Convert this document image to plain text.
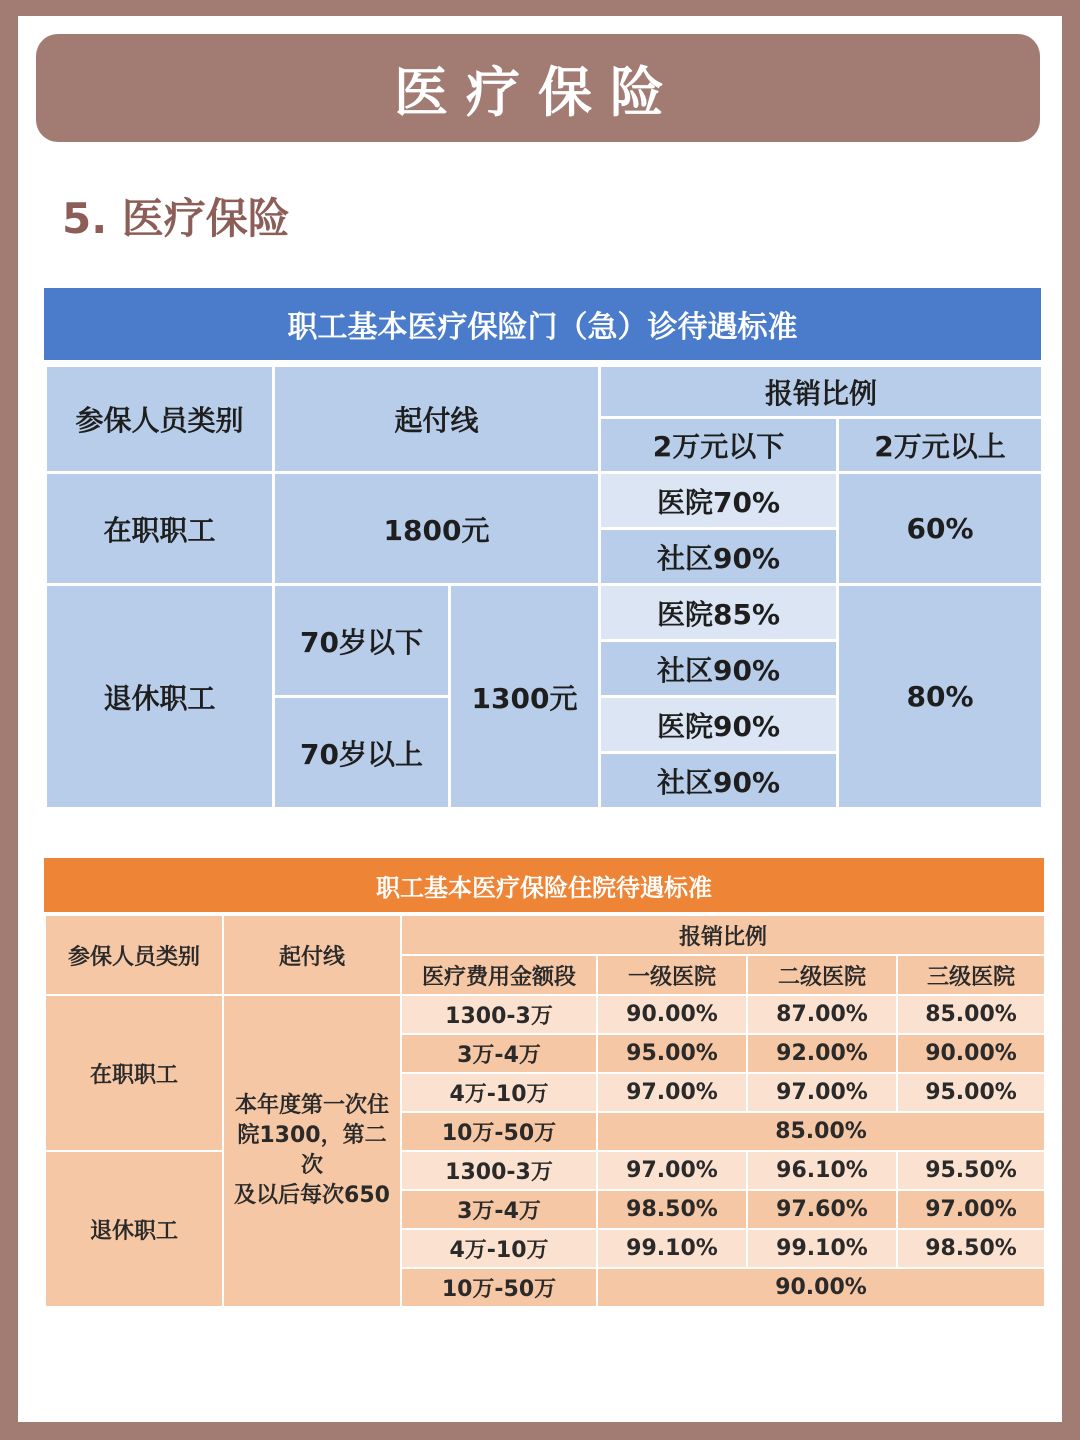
医疗保险
5. 医疗保险
职工基本医疗保险门（急）诊待遇标准
参保人员类别	起付线		报销比例	
			2万元以下	2万元以上
在职职工	1800元		医院70%	60%
			社区90%	
退休职工	70岁以下	1300元	医院85%	80%
			社区90%	
	70岁以上		医院90%	
			社区90%	
职工基本医疗保险住院待遇标准
参保人员类别	起付线	报销比例			
		医疗费用金额段	一级医院	二级医院	三级医院
在职职工	本年度第一次住
院1300，第二次
及以后每次650	1300-3万	90.00%	87.00%	85.00%
		3万-4万	95.00%	92.00%	90.00%
		4万-10万	97.00%	97.00%	95.00%
		10万-50万	85.00%		
退休职工		1300-3万	97.00%	96.10%	95.50%
		3万-4万	98.50%	97.60%	97.00%
		4万-10万	99.10%	99.10%	98.50%
		10万-50万	90.00%		
